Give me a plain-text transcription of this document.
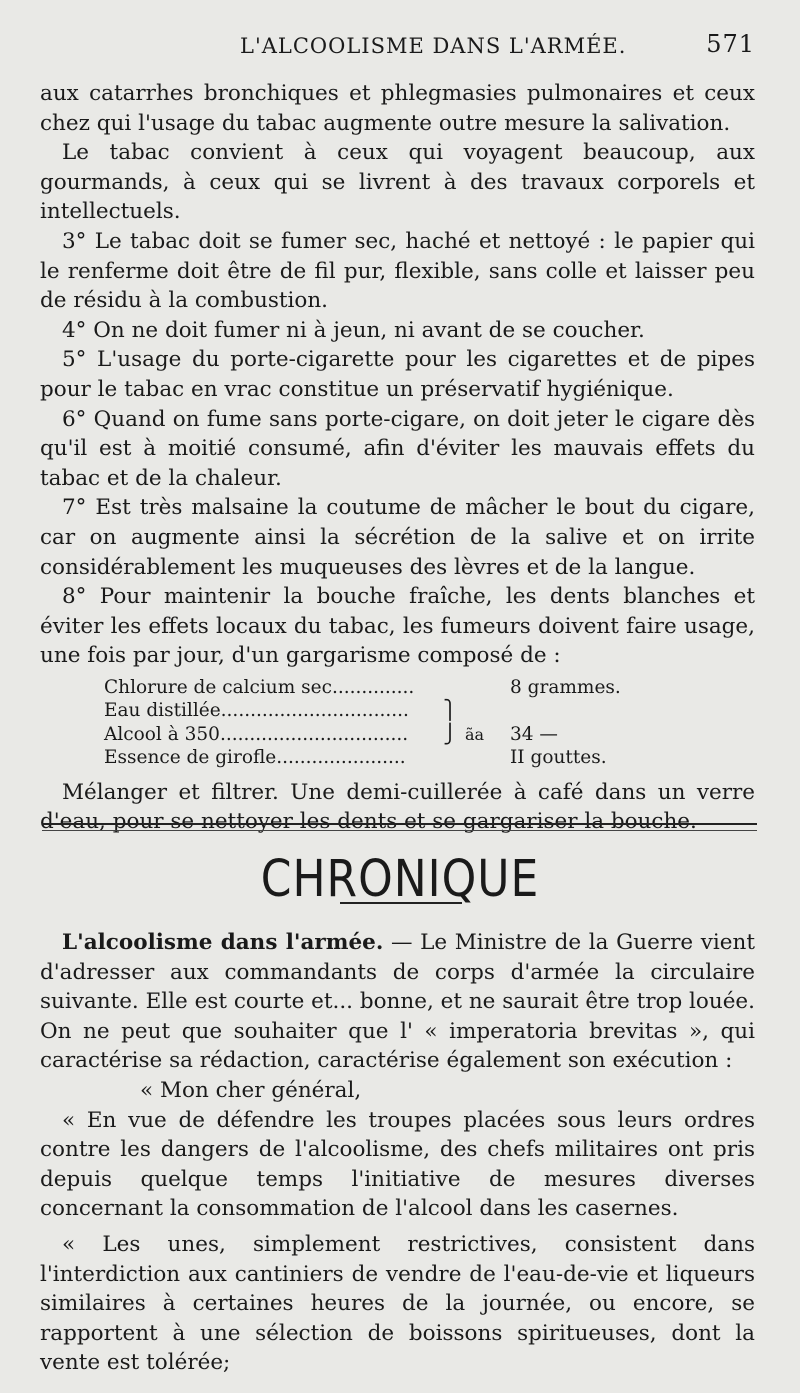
L'ALCOOLISME DANS L'ARMÉE.	571

aux catarrhes bronchiques et phlegmasies pulmonaires et ceux chez qui l'usage du tabac augmente outre mesure la salivation.

Le tabac convient à ceux qui voyagent beaucoup, aux gourmands, à ceux qui se livrent à des travaux corporels et intellectuels.

3° Le tabac doit se fumer sec, haché et nettoyé : le papier qui le renferme doit être de fil pur, flexible, sans colle et laisser peu de résidu à la combustion.

4° On ne doit fumer ni à jeun, ni avant de se coucher.

5° L'usage du porte-cigarette pour les cigarettes et de pipes pour le tabac en vrac constitue un préservatif hygiénique.

6° Quand on fume sans porte-cigare, on doit jeter le cigare dès qu'il est à moitié consumé, afin d'éviter les mauvais effets du tabac et de la chaleur.

7° Est très malsaine la coutume de mâcher le bout du cigare, car on augmente ainsi la sécrétion de la salive et on irrite considérablement les muqueuses des lèvres et de la langue.

8° Pour maintenir la bouche fraîche, les dents blanches et éviter les effets locaux du tabac, les fumeurs doivent faire usage, une fois par jour, d'un gargarisme composé de :

Chlorure de calcium sec..............	8 grammes.
Eau distillée................................	⎫
Alcool à 350................................	⎭ ãa	34 —
Essence de girofle......................	II gouttes.

Mélanger et filtrer. Une demi-cuillerée à café dans un verre d'eau, pour se nettoyer les dents et se gargariser la bouche.

CHRONIQUE

L'alcoolisme dans l'armée. — Le Ministre de la Guerre vient d'adresser aux commandants de corps d'armée la circulaire suivante. Elle est courte et... bonne, et ne saurait être trop louée. On ne peut que souhaiter que l' « imperatoria brevitas », qui caractérise sa rédaction, caractérise également son exécution :

« Mon cher général,

« En vue de défendre les troupes placées sous leurs ordres contre les dangers de l'alcoolisme, des chefs militaires ont pris depuis quelque temps l'initiative de mesures diverses concernant la consommation de l'alcool dans les casernes.

« Les unes, simplement restrictives, consistent dans l'interdiction aux cantiniers de vendre de l'eau-de-vie et liqueurs similaires à certaines heures de la journée, ou encore, se rapportent à une sélection de boissons spiritueuses, dont la vente est tolérée;
